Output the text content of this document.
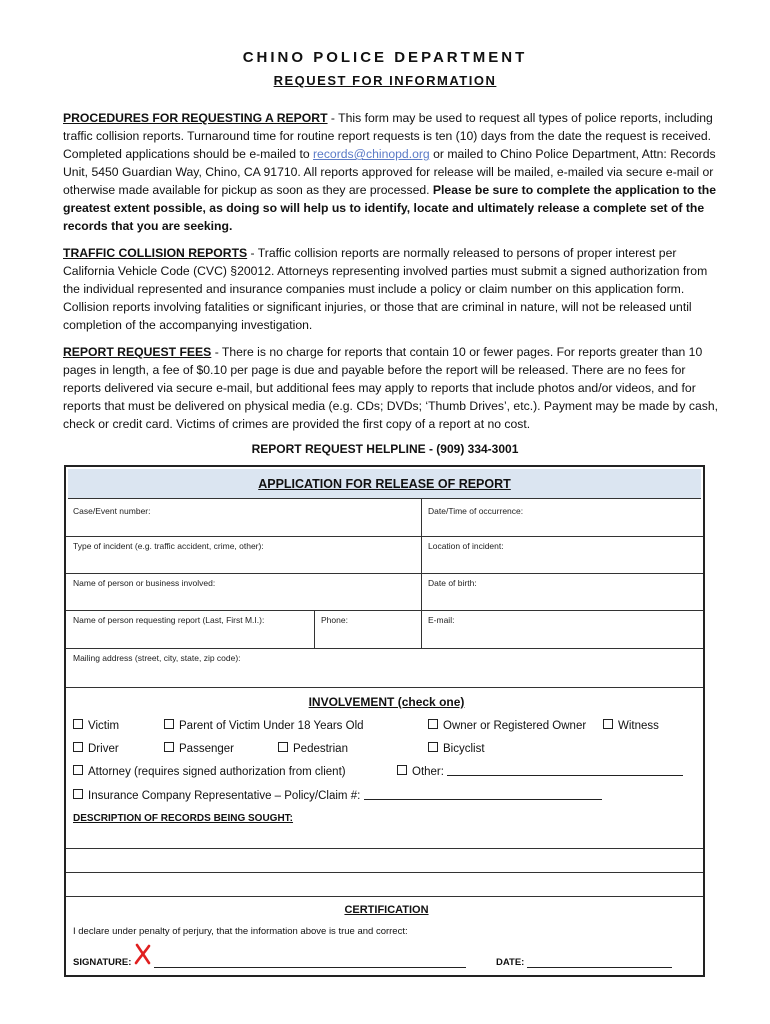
CHINO POLICE DEPARTMENT
REQUEST FOR INFORMATION

PROCEDURES FOR REQUESTING A REPORT - This form may be used to request all types of police reports, including traffic collision reports. Turnaround time for routine report requests is ten (10) days from the date the request is received. Completed applications should be e-mailed to records@chinopd.org or mailed to Chino Police Department, Attn: Records Unit, 5450 Guardian Way, Chino, CA 91710. All reports approved for release will be mailed, e-mailed via secure e-mail or otherwise made available for pickup as soon as they are processed. Please be sure to complete the application to the greatest extent possible, as doing so will help us to identify, locate and ultimately release a complete set of the records that you are seeking.

TRAFFIC COLLISION REPORTS - Traffic collision reports are normally released to persons of proper interest per California Vehicle Code (CVC) §20012. Attorneys representing involved parties must submit a signed authorization from the individual represented and insurance companies must include a policy or claim number on this application form. Collision reports involving fatalities or significant injuries, or those that are criminal in nature, will not be released until completion of the accompanying investigation.

REPORT REQUEST FEES - There is no charge for reports that contain 10 or fewer pages. For reports greater than 10 pages in length, a fee of $0.10 per page is due and payable before the report will be released. There are no fees for reports delivered via secure e-mail, but additional fees may apply to reports that include photos and/or videos, and for reports that must be delivered on physical media (e.g. CDs; DVDs; ‘Thumb Drives’, etc.). Payment may be made by cash, check or credit card. Victims of crimes are provided the first copy of a report at no cost.

REPORT REQUEST HELPLINE - (909) 334-3001
APPLICATION FOR RELEASE OF REPORT
Case/Event number:	Date/Time of occurrence:
Type of incident (e.g. traffic accident, crime, other):	Location of incident:
Name of person or business involved:	Date of birth:
Name of person requesting report (Last, First M.I.):	Phone:	E-mail:
Mailing address (street, city, state, zip code):
INVOLVEMENT (check one)
Victim	Parent of Victim Under 18 Years Old	Owner or Registered Owner	Witness
Driver	Passenger	Pedestrian	Bicyclist
Attorney (requires signed authorization from client)	Other:
Insurance Company Representative – Policy/Claim #:
DESCRIPTION OF RECORDS BEING SOUGHT:
CERTIFICATION
I declare under penalty of perjury, that the information above is true and correct:
SIGNATURE:	DATE:
